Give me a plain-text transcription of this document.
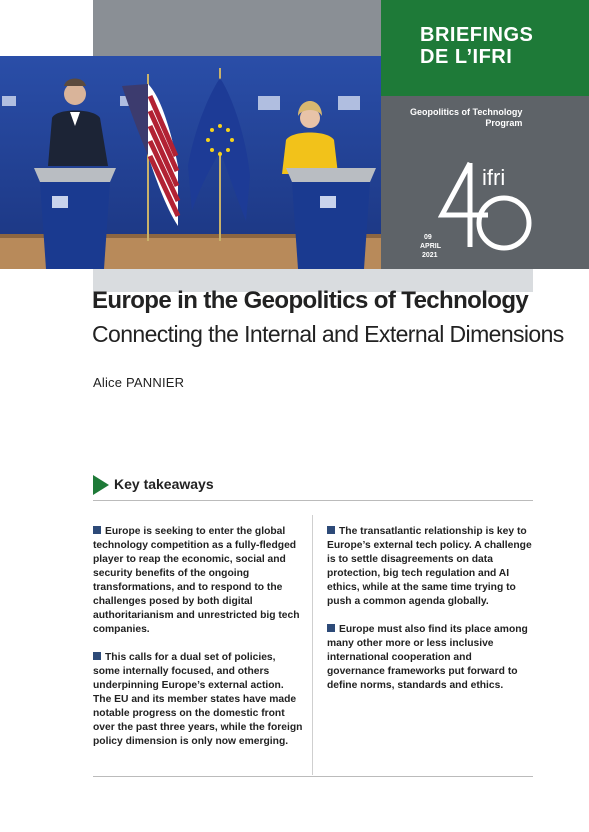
BRIEFINGS
DE L’IFRI
Geopolitics of Technology
Program
ifri
09
APRIL
2021
Europe in the Geopolitics of Technology
Connecting the Internal and External Dimensions
Alice PANNIER
Key takeaways

Europe is seeking to enter the global technology competition as a fully-fledged player to reap the economic, social and security benefits of the ongoing transformations, and to respond to the challenges posed by both digital authoritarianism and unrestricted big tech companies.

This calls for a dual set of policies, some internally focused, and others underpinning Europe’s external action. The EU and its member states have made notable progress on the domestic front over the past three years, while the foreign policy dimension is only now emerging.

The transatlantic relationship is key to Europe’s external tech policy. A challenge is to settle disagreements on data protection, big tech regulation and AI ethics, while at the same time trying to push a common agenda globally.

Europe must also find its place among many other more or less inclusive international cooperation and governance frameworks put forward to define norms, standards and ethics.
